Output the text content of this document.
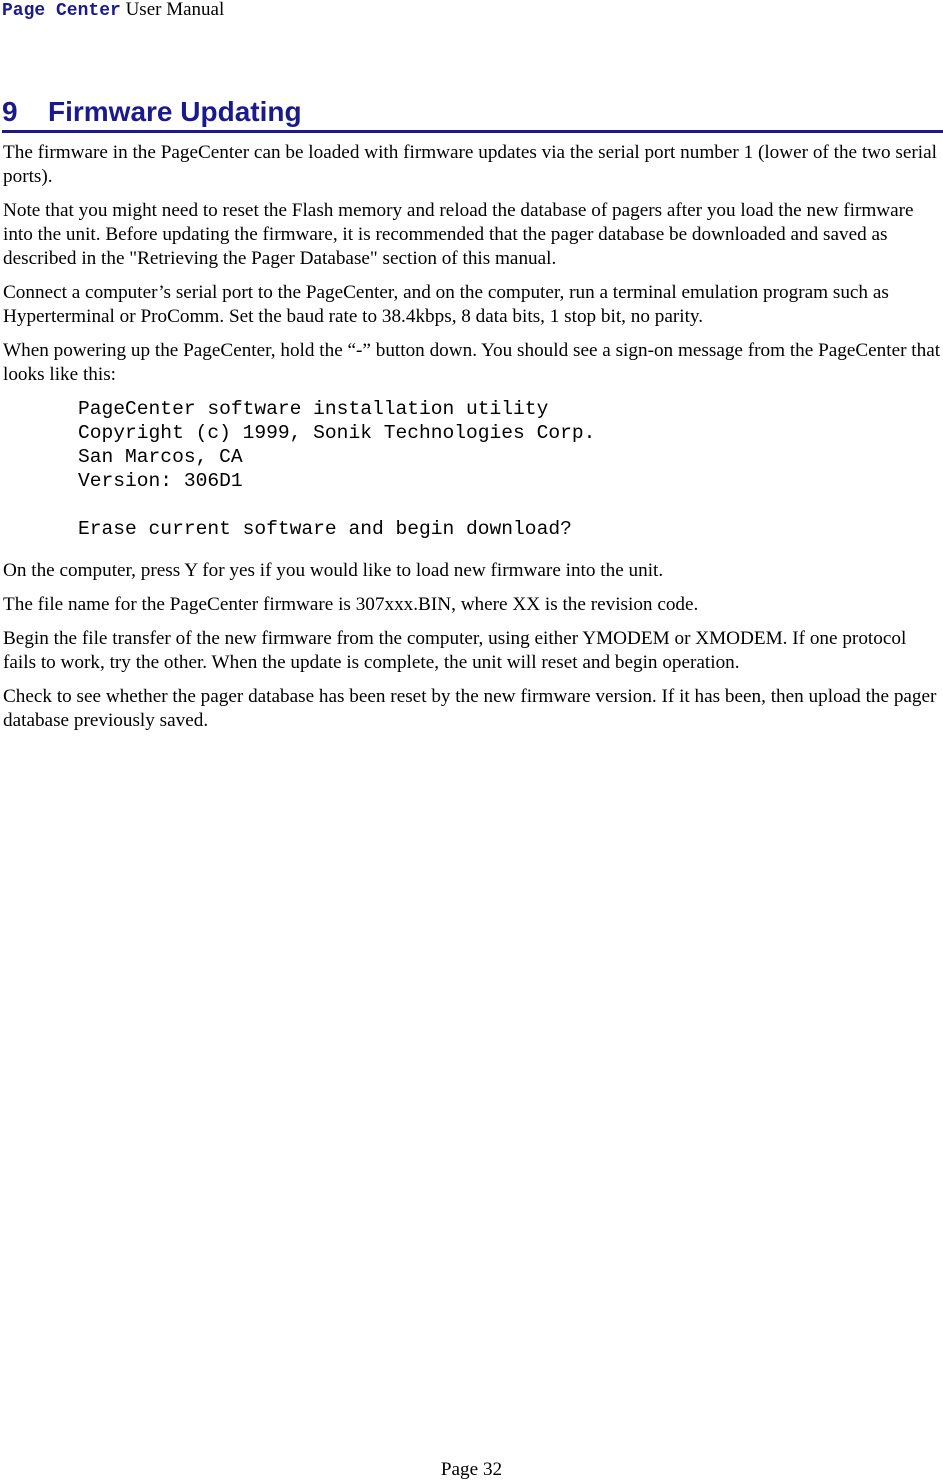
Page Center User Manual
9 Firmware Updating

The firmware in the PageCenter can be loaded with firmware updates via the serial port number 1 (lower of the two serial ports).

Note that you might need to reset the Flash memory and reload the database of pagers after you load the new firmware into the unit. Before updating the firmware, it is recommended that the pager database be downloaded and saved as described in the "Retrieving the Pager Database" section of this manual.

Connect a computer’s serial port to the PageCenter, and on the computer, run a terminal emulation program such as Hyperterminal or ProComm. Set the baud rate to 38.4kbps, 8 data bits, 1 stop bit, no parity.

When powering up the PageCenter, hold the “-” button down. You should see a sign-on message from the PageCenter that looks like this:

PageCenter software installation utility
Copyright (c) 1999, Sonik Technologies Corp.
San Marcos, CA
Version: 306D1
Erase current software and begin download?

On the computer, press Y for yes if you would like to load new firmware into the unit.

The file name for the PageCenter firmware is 307xxx.BIN, where XX is the revision code.

Begin the file transfer of the new firmware from the computer, using either YMODEM or XMODEM. If one protocol fails to work, try the other. When the update is complete, the unit will reset and begin operation.

Check to see whether the pager database has been reset by the new firmware version. If it has been, then upload the pager database previously saved.

Page 32
